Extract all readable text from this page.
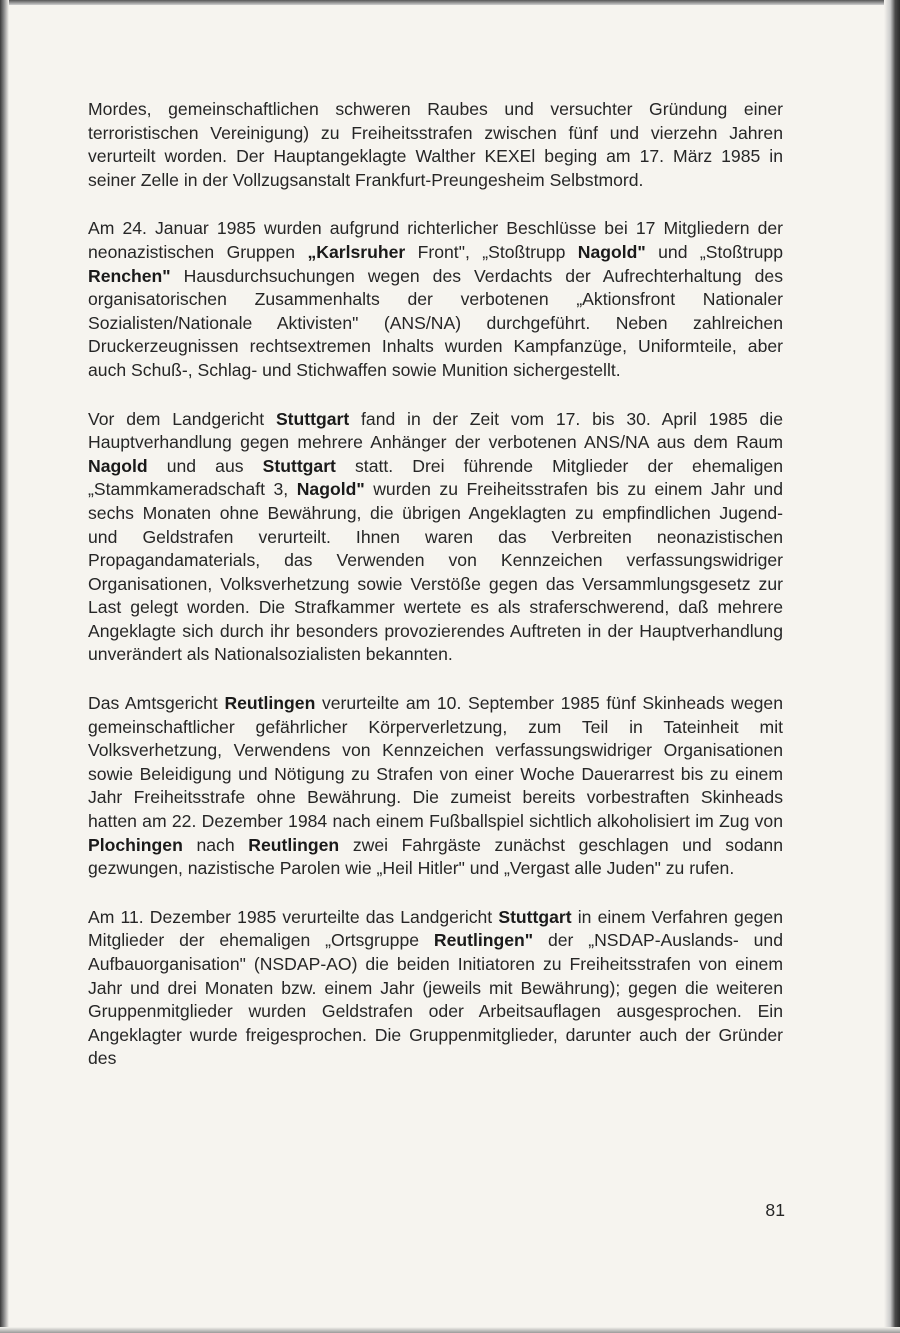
Mordes, gemeinschaftlichen schweren Raubes und versuchter Gründung einer terroristischen Vereinigung) zu Freiheitsstrafen zwischen fünf und vierzehn Jahren verurteilt worden. Der Hauptangeklagte Walther KEXEl beging am 17. März 1985 in seiner Zelle in der Vollzugsanstalt Frankfurt-Preungesheim Selbstmord.

Am 24. Januar 1985 wurden aufgrund richterlicher Beschlüsse bei 17 Mitgliedern der neonazistischen Gruppen „Karlsruher Front", „Stoßtrupp Nagold" und „Stoßtrupp Renchen" Hausdurchsuchungen wegen des Verdachts der Aufrechterhaltung des organisatorischen Zusammenhalts der verbotenen „Aktionsfront Nationaler Sozialisten/Nationale Aktivisten" (ANS/NA) durchgeführt. Neben zahlreichen Druckerzeugnissen rechtsextremen Inhalts wurden Kampfanzüge, Uniformteile, aber auch Schuß-, Schlag- und Stichwaffen sowie Munition sichergestellt.

Vor dem Landgericht Stuttgart fand in der Zeit vom 17. bis 30. April 1985 die Hauptverhandlung gegen mehrere Anhänger der verbotenen ANS/NA aus dem Raum Nagold und aus Stuttgart statt. Drei führende Mitglieder der ehemaligen „Stammkameradschaft 3, Nagold" wurden zu Freiheitsstrafen bis zu einem Jahr und sechs Monaten ohne Bewährung, die übrigen Angeklagten zu empfindlichen Jugend- und Geldstrafen verurteilt. Ihnen waren das Verbreiten neonazistischen Propagandamaterials, das Verwenden von Kennzeichen verfassungswidriger Organisationen, Volksverhetzung sowie Verstöße gegen das Versammlungsgesetz zur Last gelegt worden. Die Strafkammer wertete es als straferschwerend, daß mehrere Angeklagte sich durch ihr besonders provozierendes Auftreten in der Hauptverhandlung unverändert als Nationalsozialisten bekannten.

Das Amtsgericht Reutlingen verurteilte am 10. September 1985 fünf Skinheads wegen gemeinschaftlicher gefährlicher Körperverletzung, zum Teil in Tateinheit mit Volksverhetzung, Verwendens von Kennzeichen verfassungswidriger Organisationen sowie Beleidigung und Nötigung zu Strafen von einer Woche Dauerarrest bis zu einem Jahr Freiheitsstrafe ohne Bewährung. Die zumeist bereits vorbestraften Skinheads hatten am 22. Dezember 1984 nach einem Fußballspiel sichtlich alkoholisiert im Zug von Plochingen nach Reutlingen zwei Fahrgäste zunächst geschlagen und sodann gezwungen, nazistische Parolen wie „Heil Hitler" und „Vergast alle Juden" zu rufen.

Am 11. Dezember 1985 verurteilte das Landgericht Stuttgart in einem Verfahren gegen Mitglieder der ehemaligen „Ortsgruppe Reutlingen" der „NSDAP-Auslands- und Aufbauorganisation" (NSDAP-AO) die beiden Initiatoren zu Freiheitsstrafen von einem Jahr und drei Monaten bzw. einem Jahr (jeweils mit Bewährung); gegen die weiteren Gruppenmitglieder wurden Geldstrafen oder Arbeitsauflagen ausgesprochen. Ein Angeklagter wurde freigesprochen. Die Gruppenmitglieder, darunter auch der Gründer des

81
